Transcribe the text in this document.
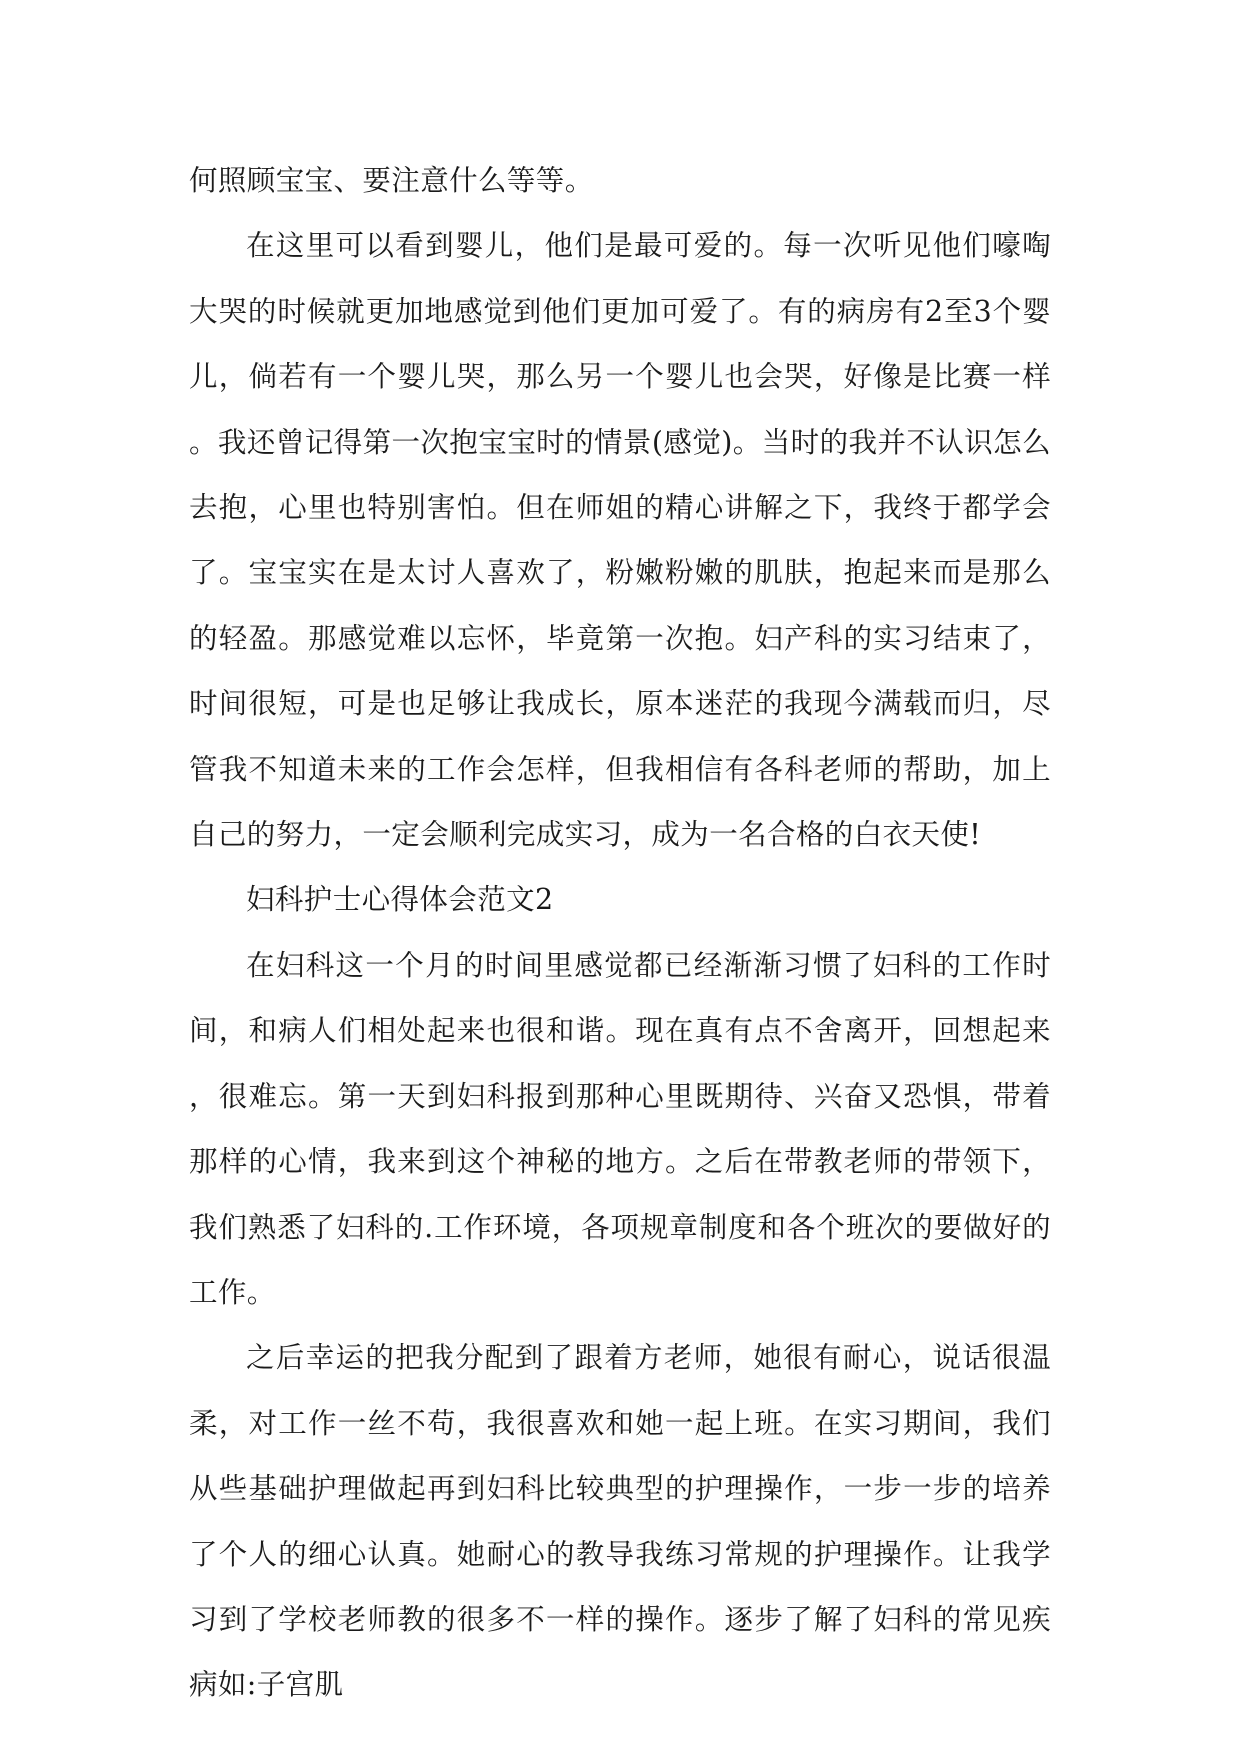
何照顾宝宝、要注意什么等等。

在这里可以看到婴儿，他们是最可爱的。每一次听见他们嚎啕大哭的时候就更加地感觉到他们更加可爱了。有的病房有2至3个婴儿，倘若有一个婴儿哭，那么另一个婴儿也会哭，好像是比赛一样。我还曾记得第一次抱宝宝时的情景(感觉)。当时的我并不认识怎么去抱，心里也特别害怕。但在师姐的精心讲解之下，我终于都学会了。宝宝实在是太讨人喜欢了，粉嫩粉嫩的肌肤，抱起来而是那么的轻盈。那感觉难以忘怀，毕竟第一次抱。妇产科的实习结束了，时间很短，可是也足够让我成长，原本迷茫的我现今满载而归，尽管我不知道未来的工作会怎样，但我相信有各科老师的帮助，加上自己的努力，一定会顺利完成实习，成为一名合格的白衣天使!

妇科护士心得体会范文2

在妇科这一个月的时间里感觉都已经渐渐习惯了妇科的工作时间，和病人们相处起来也很和谐。现在真有点不舍离开，回想起来，很难忘。第一天到妇科报到那种心里既期待、兴奋又恐惧，带着那样的心情，我来到这个神秘的地方。之后在带教老师的带领下，我们熟悉了妇科的.工作环境，各项规章制度和各个班次的要做好的工作。

之后幸运的把我分配到了跟着方老师，她很有耐心，说话很温柔，对工作一丝不苟，我很喜欢和她一起上班。在实习期间，我们从些基础护理做起再到妇科比较典型的护理操作，一步一步的培养了个人的细心认真。她耐心的教导我练习常规的护理操作。让我学习到了学校老师教的很多不一样的操作。逐步了解了妇科的常见疾病如:子宫肌
